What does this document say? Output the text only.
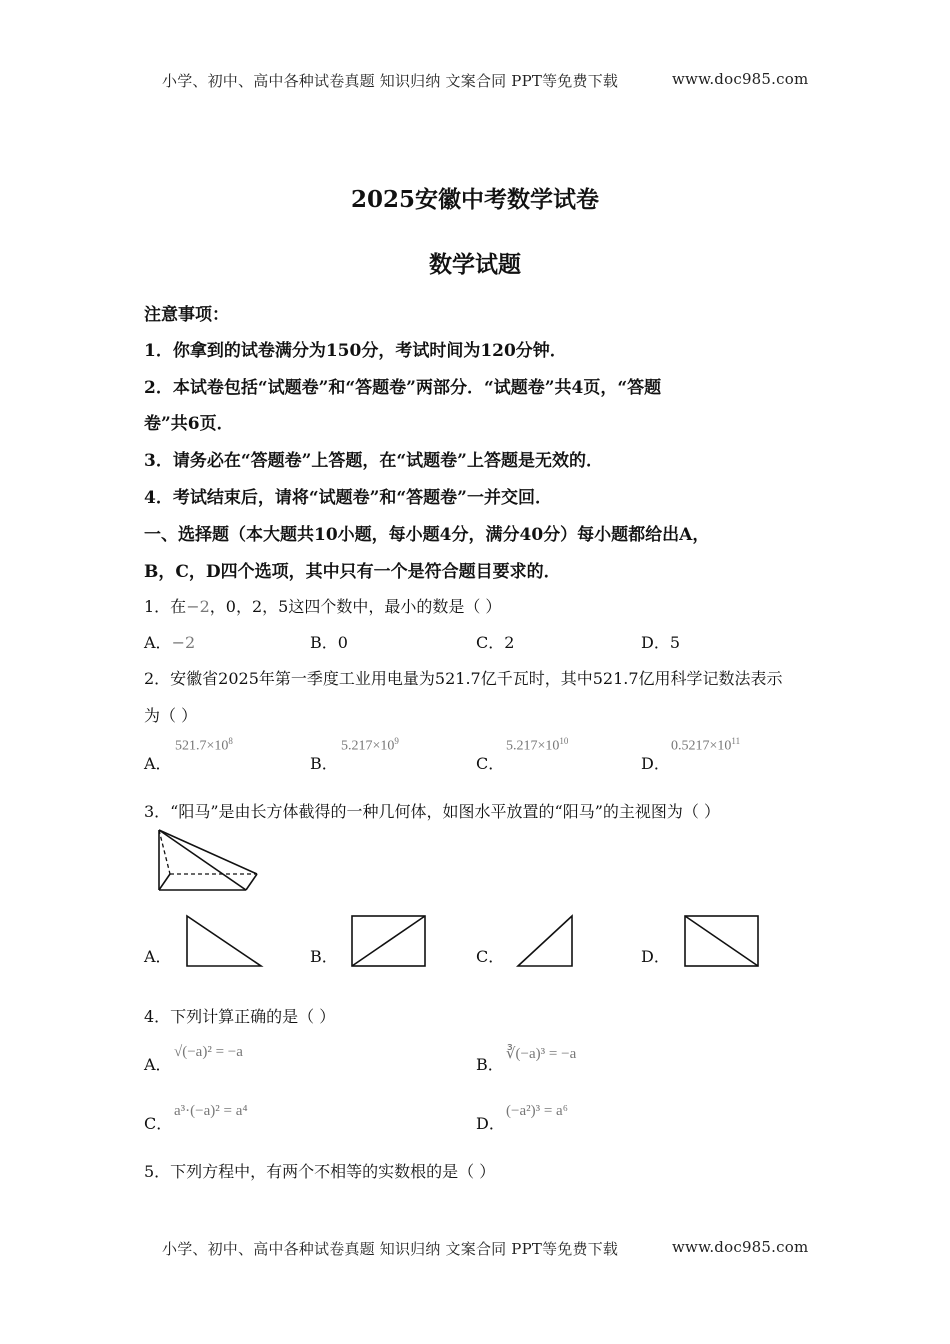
小学、初中、高中各种试卷真题 知识归纳 文案合同 PPT等免费下载	www.doc985.com
2025安徽中考数学试卷
数学试题
注意事项：
1．你拿到的试卷满分为150分，考试时间为120分钟．
2．本试卷包括“试题卷”和“答题卷”两部分．“试题卷”共4页，“答题
卷”共6页．
3．请务必在“答题卷”上答题，在“试题卷”上答题是无效的．
4．考试结束后，请将“试题卷”和“答题卷”一并交回．
一、选择题（本大题共10小题，每小题4分，满分40分）每小题都给出A，
B，C，D四个选项，其中只有一个是符合题目要求的．
1．在−2，0，2，5这四个数中，最小的数是（ ）
A．−2	B．0	C．2	D．5
2．安徽省2025年第一季度工业用电量为521.7亿千瓦时，其中521.7亿用科学记数法表示
为（ ）
A．
$521.7\times 10^8$
B．
$5.217\times 10^9$
C．
$5.217\times 10^{10}$
D．
$0.5217\times 10^{11}$
3．“阳马”是由长方体截得的一种几何体，如图水平放置的“阳马”的主视图为（ ）
A．	B．	C．	D．
4．下列计算正确的是（ ）
A．
√(−a)² = −a
B．
∛(−a)³ = −a
C．
a³·(−a)² = a⁴
D．
(−a²)³ = a⁶
5．下列方程中，有两个不相等的实数根的是（ ）
小学、初中、高中各种试卷真题 知识归纳 文案合同 PPT等免费下载	www.doc985.com
